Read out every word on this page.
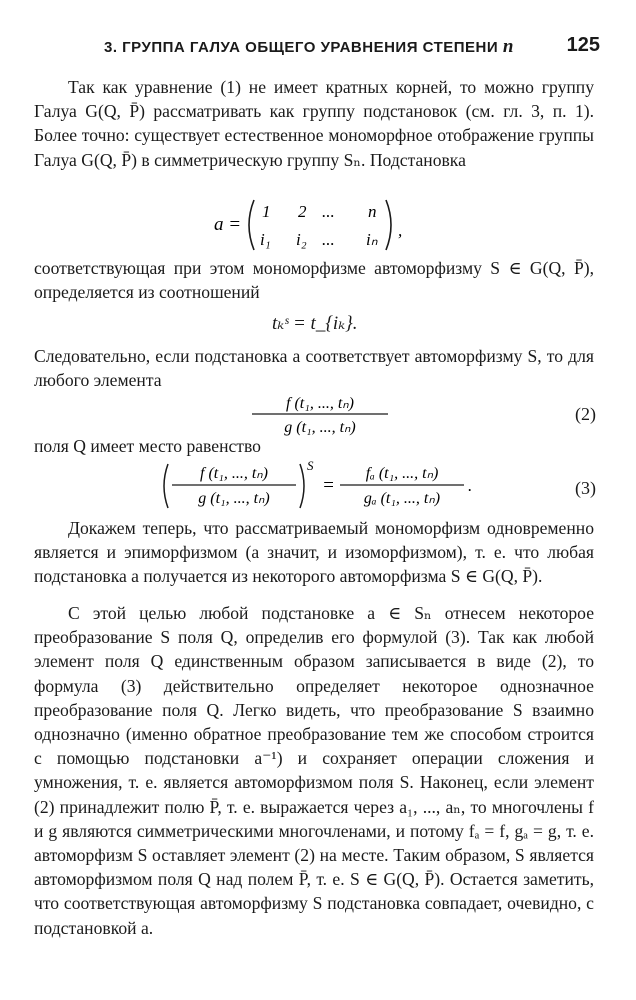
3. ГРУППА ГАЛУА ОБЩЕГО УРАВНЕНИЯ СТЕПЕНИ n	125
Так как уравнение (1) не имеет кратных корней, то можно группу Галуа G(Q, P̄) рассматривать как группу подстановок (см. гл. 3, п. 1). Более точно: существует естественное мономорфное отображение группы Галуа G(Q, P̄) в симметрическую группу Sₙ. Подстановка
a =
1 2 ... n
i₁ i₂ ... iₙ ,
соответствующая при этом мономорфизме автоморфизму S ∈ G(Q, P̄), определяется из соотношений
tₖˢ = t_{iₖ}.
Следовательно, если подстановка a соответствует автоморфизму S, то для любого элемента
f (t₁, ..., tₙ)
g (t₁, ..., tₙ)
(2)
поля Q имеет место равенство
f (t₁, ..., tₙ)
g (t₁, ..., tₙ)
S
=
fₐ (t₁, ..., tₙ)
gₐ (t₁, ..., tₙ)
.	(3)
Докажем теперь, что рассматриваемый мономорфизм одновременно является и эпиморфизмом (а значит, и изоморфизмом), т. е. что любая подстановка a получается из некоторого автоморфизма S ∈ G(Q, P̄).
С этой целью любой подстановке a ∈ Sₙ отнесем некоторое преобразование S поля Q, определив его формулой (3). Так как любой элемент поля Q единственным образом записывается в виде (2), то формула (3) действительно определяет некоторое однозначное преобразование поля Q. Легко видеть, что преобразование S взаимно однозначно (именно обратное преобразование тем же способом строится с помощью подстановки a⁻¹) и сохраняет операции сложения и умножения, т. е. является автоморфизмом поля S. Наконец, если элемент (2) принадлежит полю P̄, т. е. выражается через a₁, ..., aₙ, то многочлены f и g являются симметрическими многочленами, и потому fₐ = f, gₐ = g, т. е. автоморфизм S оставляет элемент (2) на месте. Таким образом, S является автоморфизмом поля Q над полем P̄, т. е. S ∈ G(Q, P̄). Остается заметить, что соответствующая автоморфизму S подстановка совпадает, очевидно, с подстановкой a.
